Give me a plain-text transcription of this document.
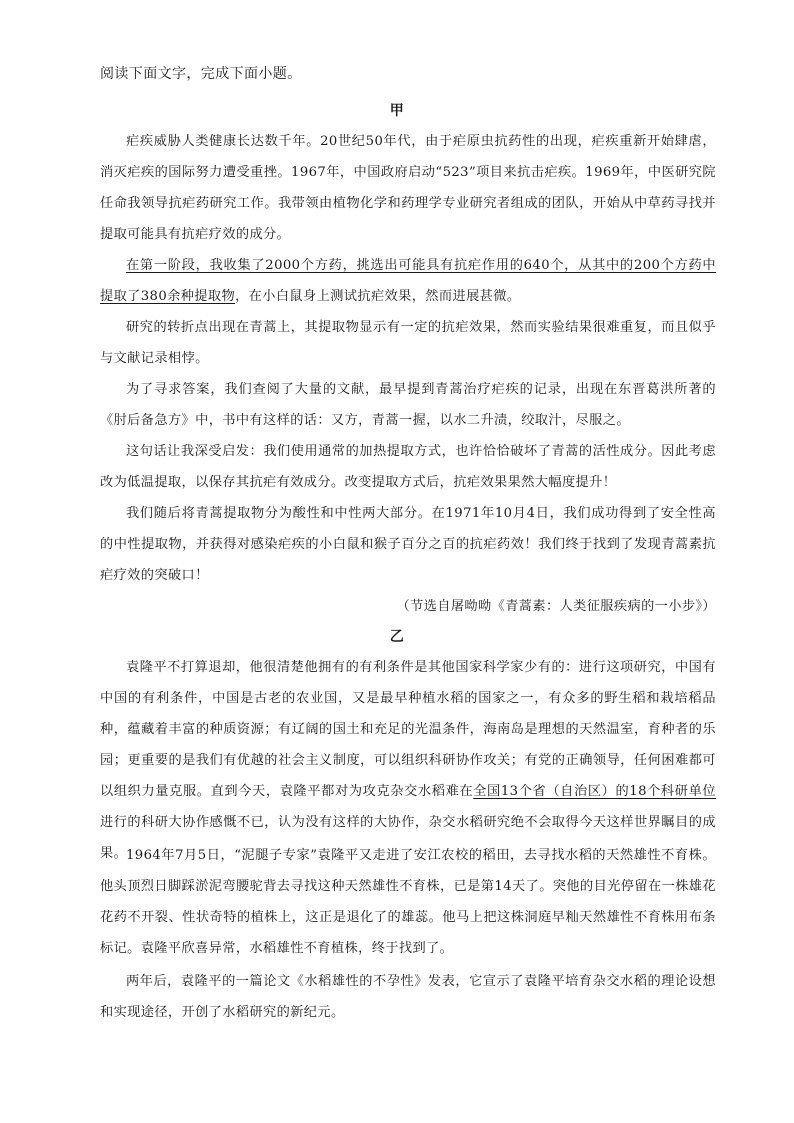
阅读下面文字，完成下面小题。

甲

疟疾威胁人类健康长达数千年。20世纪50年代，由于疟原虫抗药性的出现，疟疾重新开始肆虐，消灭疟疾的国际努力遭受重挫。1967年，中国政府启动“523”项目来抗击疟疾。1969年，中医研究院任命我领导抗疟药研究工作。我带领由植物化学和药理学专业研究者组成的团队，开始从中草药寻找并提取可能具有抗疟疗效的成分。

在第一阶段，我收集了2000个方药，挑选出可能具有抗疟作用的640个，从其中的200个方药中提取了380余种提取物，在小白鼠身上测试抗疟效果，然而进展甚微。

研究的转折点出现在青蒿上，其提取物显示有一定的抗疟效果，然而实验结果很难重复，而且似乎与文献记录相悖。

为了寻求答案，我们查阅了大量的文献，最早提到青蒿治疗疟疾的记录，出现在东晋葛洪所著的《肘后备急方》中，书中有这样的话：又方，青蒿一握，以水二升渍，绞取汁，尽服之。

这句话让我深受启发：我们使用通常的加热提取方式，也许恰恰破坏了青蒿的活性成分。因此考虑改为低温提取，以保存其抗疟有效成分。改变提取方式后，抗疟效果果然大幅度提升！

我们随后将青蒿提取物分为酸性和中性两大部分。在1971年10月4日，我们成功得到了安全性高的中性提取物，并获得对感染疟疾的小白鼠和猴子百分之百的抗疟药效！我们终于找到了发现青蒿素抗疟疗效的突破口！

（节选自屠呦呦《青蒿素：人类征服疾病的一小步》）

乙

袁隆平不打算退却，他很清楚他拥有的有利条件是其他国家科学家少有的：进行这项研究，中国有中国的有利条件，中国是古老的农业国，又是最早种植水稻的国家之一，有众多的野生稻和栽培稻品种，蕴藏着丰富的种质资源；有辽阔的国土和充足的光温条件，海南岛是理想的天然温室，育种者的乐园；更重要的是我们有优越的社会主义制度，可以组织科研协作攻关；有党的正确领导，任何困难都可以组织力量克服。直到今天，袁隆平都对为攻克杂交水稻难在全国13个省（自治区）的18个科研单位进行的科研大协作感慨不已，认为没有这样的大协作，杂交水稻研究绝不会取得今天这样世界瞩目的成果。

1964年7月5日，“泥腿子专家”袁隆平又走进了安江农校的稻田，去寻找水稻的天然雄性不育株。他头顶烈日脚踩淤泥弯腰驼背去寻找这种天然雄性不育株，已是第14天了。突他的目光停留在一株雄花花药不开裂、性状奇特的植株上，这正是退化了的雄蕊。他马上把这株洞庭早籼天然雄性不育株用布条标记。袁隆平欣喜异常，水稻雄性不育植株，终于找到了。

两年后，袁隆平的一篇论文《水稻雄性的不孕性》发表，它宣示了袁隆平培育杂交水稻的理论设想和实现途径，开创了水稻研究的新纪元。
